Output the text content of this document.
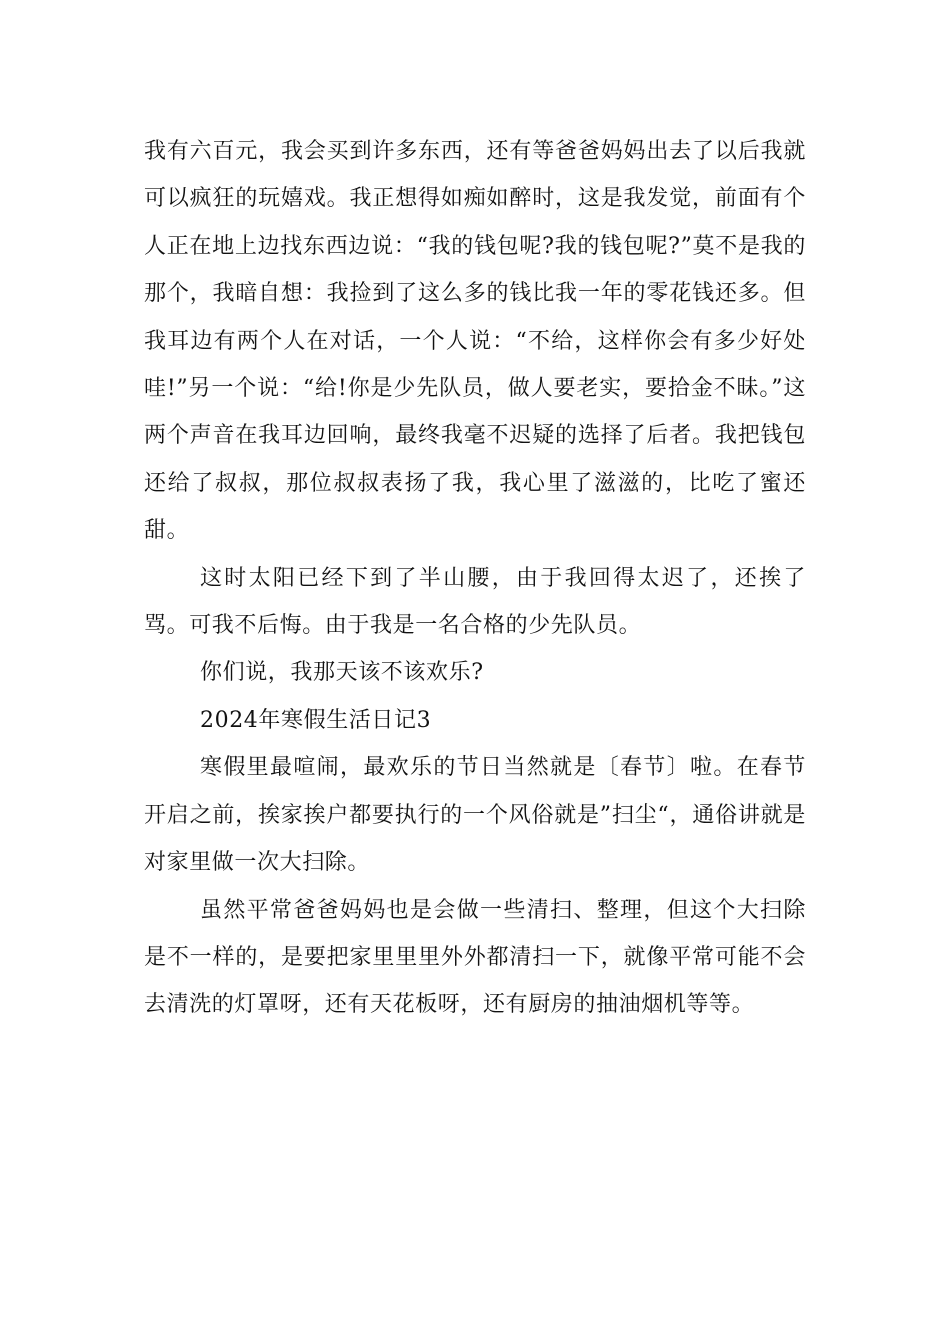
我有六百元，我会买到许多东西，还有等爸爸妈妈出去了以后我就可以疯狂的玩嬉戏。我正想得如痴如醉时，这是我发觉，前面有个人正在地上边找东西边说：“我的钱包呢?我的钱包呢?”莫不是我的那个，我暗自想：我捡到了这么多的钱比我一年的零花钱还多。但我耳边有两个人在对话，一个人说：“不给，这样你会有多少好处哇!”另一个说：“给!你是少先队员，做人要老实，要拾金不昧。”这两个声音在我耳边回响，最终我毫不迟疑的选择了后者。我把钱包还给了叔叔，那位叔叔表扬了我，我心里了滋滋的，比吃了蜜还甜。

这时太阳已经下到了半山腰，由于我回得太迟了，还挨了骂。可我不后悔。由于我是一名合格的少先队员。

你们说，我那天该不该欢乐?

2024年寒假生活日记3

寒假里最喧闹，最欢乐的节日当然就是〔春节〕啦。在春节开启之前，挨家挨户都要执行的一个风俗就是”扫尘“，通俗讲就是对家里做一次大扫除。

虽然平常爸爸妈妈也是会做一些清扫、整理，但这个大扫除是不一样的，是要把家里里里外外都清扫一下，就像平常可能不会去清洗的灯罩呀，还有天花板呀，还有厨房的抽油烟机等等。
